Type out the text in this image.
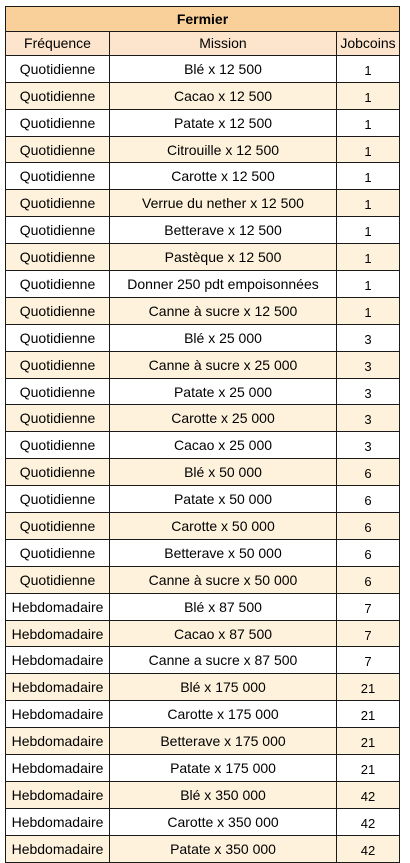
Fermier		
Fréquence	Mission	Jobcoins
Quotidienne	Blé x 12 500	1
Quotidienne	Cacao x 12 500	1
Quotidienne	Patate x 12 500	1
Quotidienne	Citrouille x 12 500	1
Quotidienne	Carotte x 12 500	1
Quotidienne	Verrue du nether x 12 500	1
Quotidienne	Betterave x 12 500	1
Quotidienne	Pastèque x 12 500	1
Quotidienne	Donner 250 pdt empoisonnées	1
Quotidienne	Canne à sucre x 12 500	1
Quotidienne	Blé x 25 000	3
Quotidienne	Canne à sucre x 25 000	3
Quotidienne	Patate x 25 000	3
Quotidienne	Carotte x 25 000	3
Quotidienne	Cacao x 25 000	3
Quotidienne	Blé x 50 000	6
Quotidienne	Patate x 50 000	6
Quotidienne	Carotte x 50 000	6
Quotidienne	Betterave x 50 000	6
Quotidienne	Canne à sucre x 50 000	6
Hebdomadaire	Blé x 87 500	7
Hebdomadaire	Cacao x 87 500	7
Hebdomadaire	Canne a sucre x 87 500	7
Hebdomadaire	Blé x 175 000	21
Hebdomadaire	Carotte x 175 000	21
Hebdomadaire	Betterave x 175 000	21
Hebdomadaire	Patate x 175 000	21
Hebdomadaire	Blé x 350 000	42
Hebdomadaire	Carotte x 350 000	42
Hebdomadaire	Patate x 350 000	42
